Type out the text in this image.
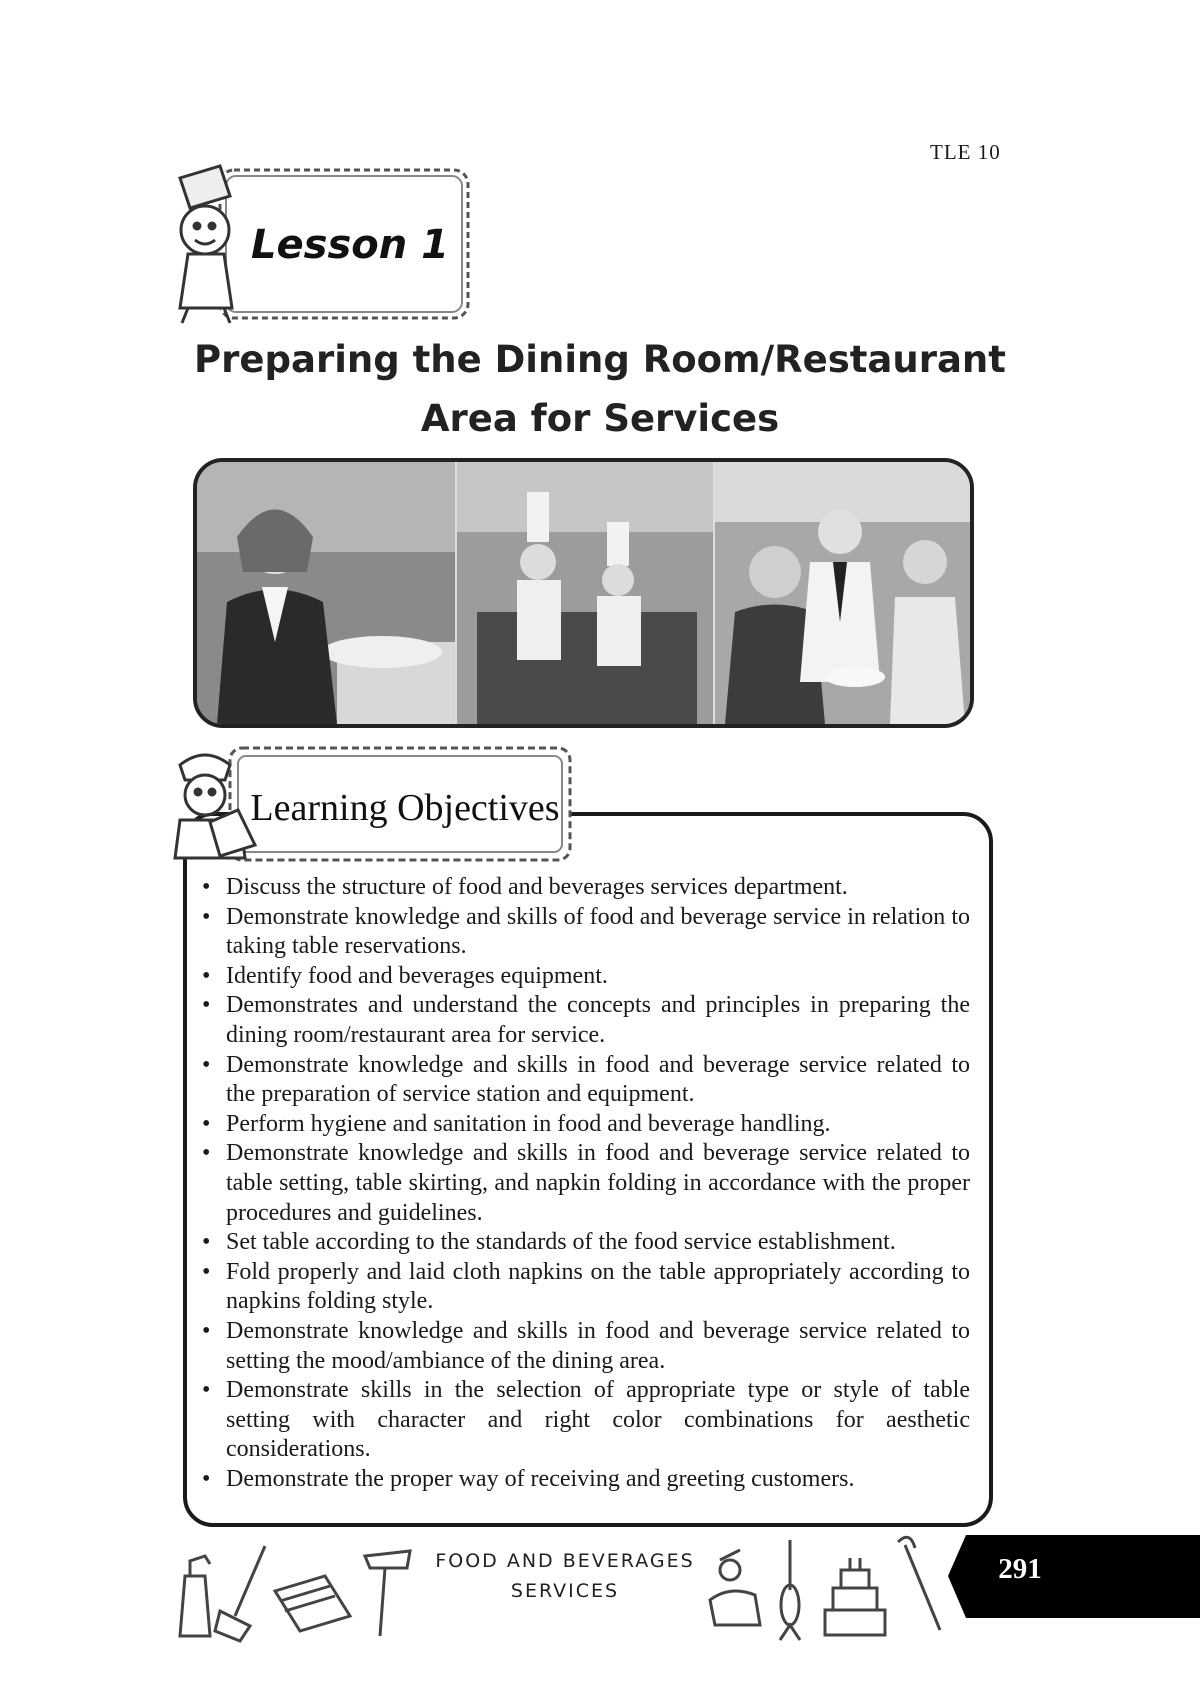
TLE 10
Lesson 1
Preparing the Dining Room/Restaurant
Area for Services
Learning Objectives
• Discuss the structure of food and beverages services department.
• Demonstrate knowledge and skills of food and beverage service in relation to taking table reservations.
• Identify food and beverages equipment.
• Demonstrates and understand the concepts and principles in preparing the dining room/restaurant area for service.
• Demonstrate knowledge and skills in food and beverage service related to the preparation of service station and equipment.
• Perform hygiene and sanitation in food and beverage handling.
• Demonstrate knowledge and skills in food and beverage service related to table setting, table skirting, and napkin folding in accordance with the proper procedures and guidelines.
• Set table according to the standards of the food service establishment.
• Fold properly and laid cloth napkins on the table appropriately according to napkins folding style.
• Demonstrate knowledge and skills in food and beverage service related to setting the mood/ambiance of the dining area.
• Demonstrate skills in the selection of appropriate type or style of table setting with character and right color combinations for aesthetic considerations.
• Demonstrate the proper way of receiving and greeting customers.
FOOD AND BEVERAGES
SERVICES
291
